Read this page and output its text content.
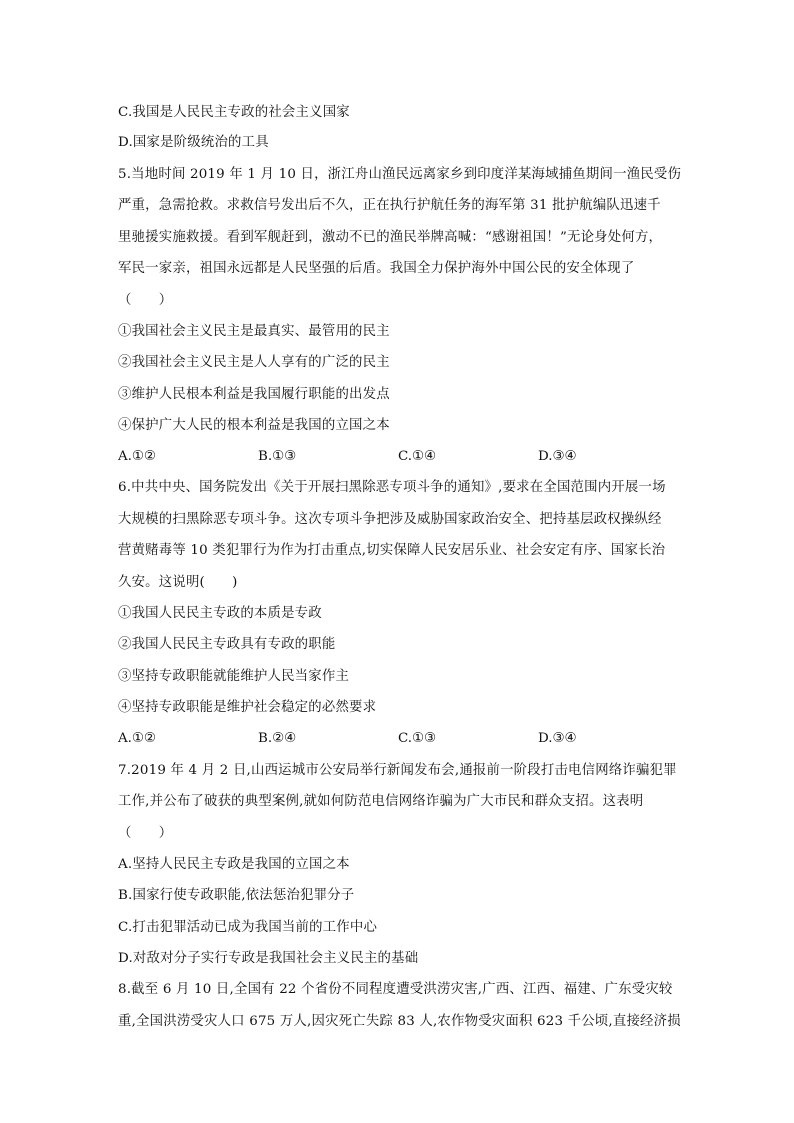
C.我国是人民民主专政的社会主义国家
D.国家是阶级统治的工具
5.当地时间 2019 年 1 月 10 日，浙江舟山渔民远离家乡到印度洋某海域捕鱼期间一渔民受伤
严重，急需抢救。求救信号发出后不久，正在执行护航任务的海军第 31 批护航编队迅速千
里驰援实施救援。看到军舰赶到，激动不已的渔民举牌高喊：“感谢祖国！”无论身处何方，
军民一家亲，祖国永远都是人民坚强的后盾。我国全力保护海外中国公民的安全体现了
（　　）
①我国社会主义民主是最真实、最管用的民主
②我国社会主义民主是人人享有的广泛的民主
③维护人民根本利益是我国履行职能的出发点
④保护广大人民的根本利益是我国的立国之本
A.①②	B.①③	C.①④	D.③④
6.中共中央、国务院发出《关于开展扫黑除恶专项斗争的通知》,要求在全国范围内开展一场
大规模的扫黑除恶专项斗争。这次专项斗争把涉及威胁国家政治安全、把持基层政权操纵经
营黄赌毒等 10 类犯罪行为作为打击重点,切实保障人民安居乐业、社会安定有序、国家长治
久安。这说明(　　)
①我国人民民主专政的本质是专政
②我国人民民主专政具有专政的职能
③坚持专政职能就能维护人民当家作主
④坚持专政职能是维护社会稳定的必然要求
A.①②	B.②④	C.①③	D.③④
7.2019 年 4 月 2 日,山西运城市公安局举行新闻发布会,通报前一阶段打击电信网络诈骗犯罪
工作,并公布了破获的典型案例,就如何防范电信网络诈骗为广大市民和群众支招。这表明
（　　）
A.坚持人民民主专政是我国的立国之本
B.国家行使专政职能,依法惩治犯罪分子
C.打击犯罪活动已成为我国当前的工作中心
D.对敌对分子实行专政是我国社会主义民主的基础
8.截至 6 月 10 日,全国有 22 个省份不同程度遭受洪涝灾害,广西、江西、福建、广东受灾较
重,全国洪涝受灾人口 675 万人,因灾死亡失踪 83 人,农作物受灾面积 623 千公顷,直接经济损
